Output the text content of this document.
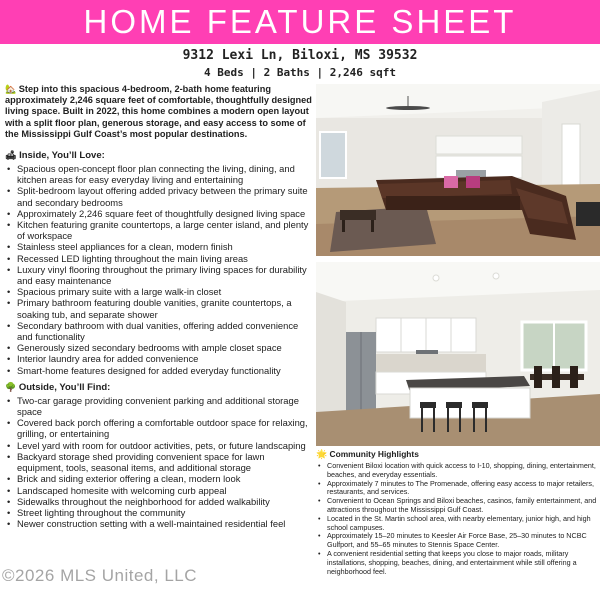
HOME FEATURE SHEET
9312 Lexi Ln, Biloxi, MS 39532
4 Beds | 2 Baths | 2,246 sqft
🏡 Step into this spacious 4-bedroom, 2-bath home featuring approximately 2,246 square feet of comfortable, thoughtfully designed living space. Built in 2022, this home combines a modern open layout with a split floor plan, generous storage, and easy access to some of the Mississippi Gulf Coast’s most popular destinations.
🛋 Inside, You’ll Love:
• Spacious open-concept floor plan connecting the living, dining, and kitchen areas for easy everyday living and entertaining
• Split-bedroom layout offering added privacy between the primary suite and secondary bedrooms
• Approximately 2,246 square feet of thoughtfully designed living space
• Kitchen featuring granite countertops, a large center island, and plenty of workspace
• Stainless steel appliances for a clean, modern finish
• Recessed LED lighting throughout the main living areas
• Luxury vinyl flooring throughout the primary living spaces for durability and easy maintenance
• Spacious primary suite with a large walk-in closet
• Primary bathroom featuring double vanities, granite countertops, a soaking tub, and separate shower
• Secondary bathroom with dual vanities, offering added convenience and functionality
• Generously sized secondary bedrooms with ample closet space
• Interior laundry area for added convenience
• Smart-home features designed for added everyday functionality
🌳 Outside, You’ll Find:
• Two-car garage providing convenient parking and additional storage space
• Covered back porch offering a comfortable outdoor space for relaxing, grilling, or entertaining
• Level yard with room for outdoor activities, pets, or future landscaping
• Backyard storage shed providing convenient space for lawn equipment, tools, seasonal items, and additional storage
• Brick and siding exterior offering a clean, modern look
• Landscaped homesite with welcoming curb appeal
• Sidewalks throughout the neighborhood for added walkability
• Street lighting throughout the community
• Newer construction setting with a well-maintained residential feel
🌟 Community Highlights
• Convenient Biloxi location with quick access to I-10, shopping, dining, entertainment, beaches, and everyday essentials.
• Approximately 7 minutes to The Promenade, offering easy access to major retailers, restaurants, and services.
• Convenient to Ocean Springs and Biloxi beaches, casinos, family entertainment, and attractions throughout the Mississippi Gulf Coast.
• Located in the St. Martin school area, with nearby elementary, junior high, and high school campuses.
• Approximately 15–20 minutes to Keesler Air Force Base, 25–30 minutes to NCBC Gulfport, and 55–65 minutes to Stennis Space Center.
• A convenient residential setting that keeps you close to major roads, military installations, shopping, beaches, dining, and entertainment while still offering a neighborhood feel.
©2026 MLS United, LLC
